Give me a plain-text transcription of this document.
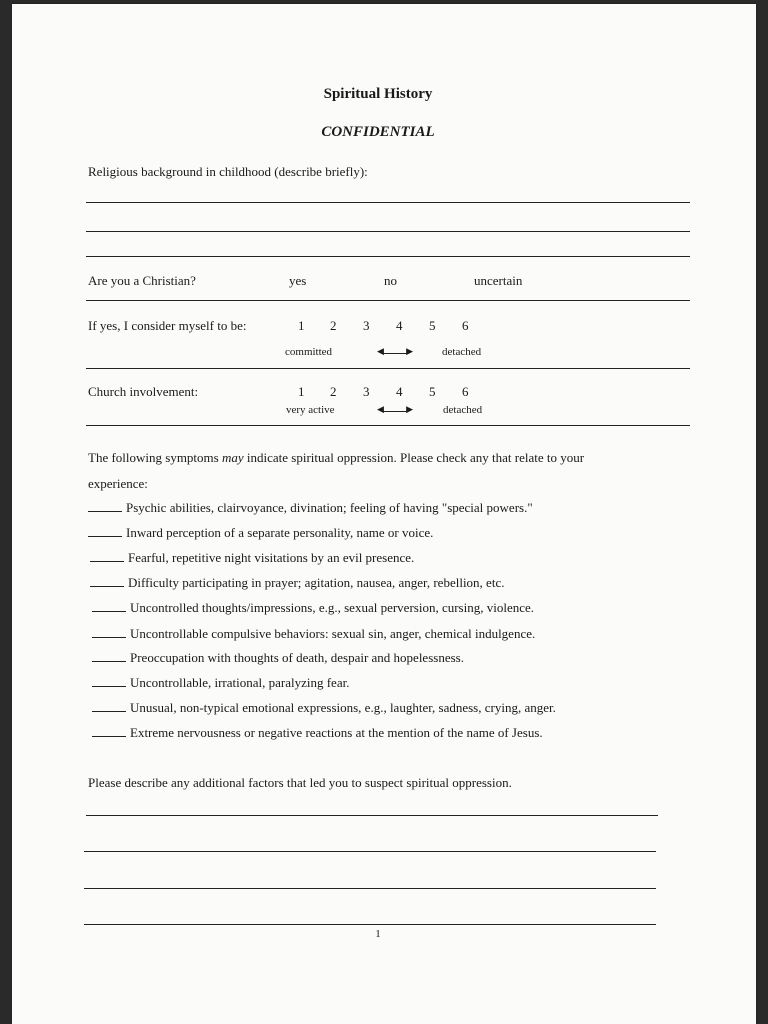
Spiritual History
CONFIDENTIAL
Religious background in childhood (describe briefly):
Are you a Christian?	yes	no	uncertain
If yes, I consider myself to be:	1 2 3 4 5 6
committed	▶
◀	detached
Church involvement:	1 2 3 4 5 6
very active	▶
◀	detached
The following symptoms may indicate spiritual oppression. Please check any that relate to your
experience:
Psychic abilities, clairvoyance, divination; feeling of having "special powers."
Inward perception of a separate personality, name or voice.
Fearful, repetitive night visitations by an evil presence.
Difficulty participating in prayer; agitation, nausea, anger, rebellion, etc.
Uncontrolled thoughts/impressions, e.g., sexual perversion, cursing, violence.
Uncontrollable compulsive behaviors: sexual sin, anger, chemical indulgence.
Preoccupation with thoughts of death, despair and hopelessness.
Uncontrollable, irrational, paralyzing fear.
Unusual, non-typical emotional expressions, e.g., laughter, sadness, crying, anger.
Extreme nervousness or negative reactions at the mention of the name of Jesus.
Please describe any additional factors that led you to suspect spiritual oppression.
1
